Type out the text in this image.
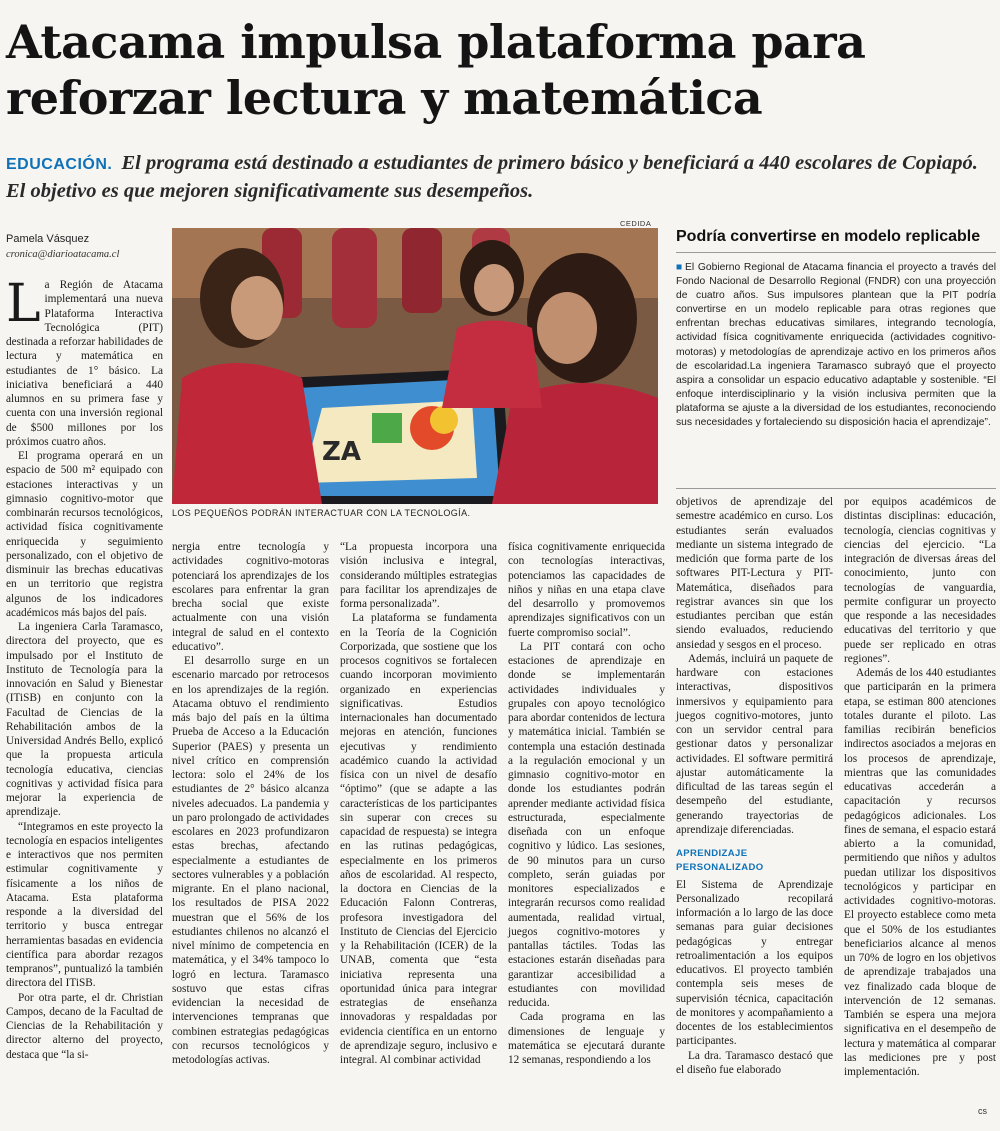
Atacama impulsa plataforma para reforzar lectura y matemática
EDUCACIÓN. El programa está destinado a estudiantes de primero básico y beneficiará a 440 escolares de Copiapó. El objetivo es que mejoren significativamente sus desempeños.
Pamela Vásquez
cronica@diarioatacama.cl
CEDIDA
ZA
LOS PEQUEÑOS PODRÁN INTERACTUAR CON LA TECNOLOGÍA.
Podría convertirse en modelo replicable
■ El Gobierno Regional de Atacama financia el proyecto a través del Fondo Nacional de Desarrollo Regional (FNDR) con una proyección de cuatro años. Sus impulsores plantean que la PIT podría convertirse en un modelo replicable para otras regiones que enfrentan brechas educativas similares, integrando tecnología, actividad física cognitivamente enriquecida (actividades cognitivo-motoras) y metodologías de aprendizaje activo en los primeros años de escolaridad.La ingeniera Taramasco subrayó que el proyecto aspira a consolidar un espacio educativo adaptable y sostenible. “El enfoque interdisciplinario y la visión inclusiva permiten que la plataforma se ajuste a la diversidad de los estudiantes, reconociendo sus necesidades y fortaleciendo su disposición hacia el aprendizaje”.

La Región de Atacama implementará una nueva Plataforma Interactiva Tecnológica (PIT) destinada a reforzar habilidades de lectura y matemática en estudiantes de 1° básico. La iniciativa beneficiará a 440 alumnos en su primera fase y cuenta con una inversión regional de $500 millones por los próximos cuatro años.

El programa operará en un espacio de 500 m² equipado con estaciones interactivas y un gimnasio cognitivo-motor que combinarán recursos tecnológicos, actividad física cognitivamente enriquecida y seguimiento personalizado, con el objetivo de disminuir las brechas educativas en un territorio que registra algunos de los indicadores académicos más bajos del país.

La ingeniera Carla Taramasco, directora del proyecto, que es impulsado por el Instituto de Instituto de Tecnología para la innovación en Salud y Bienestar (ITiSB) en conjunto con la Facultad de Ciencias de la Rehabilitación ambos de la Universidad Andrés Bello, explicó que la propuesta articula tecnología educativa, ciencias cognitivas y actividad física para mejorar la experiencia de aprendizaje.

“Integramos en este proyecto la tecnología en espacios inteligentes e interactivos que nos permiten estimular cognitivamente y físicamente a los niños de Atacama. Esta plataforma responde a la diversidad del territorio y busca entregar herramientas basadas en evidencia científica para abordar rezagos tempranos”, puntualizó la también directora del ITiSB.

Por otra parte, el dr. Christian Campos, decano de la Facultad de Ciencias de la Rehabilitación y director alterno del proyecto, destaca que “la si-

nergia entre tecnología y actividades cognitivo-motoras potenciará los aprendizajes de los escolares para enfrentar la gran brecha social que existe actualmente con una visión integral de salud en el contexto educativo”.

El desarrollo surge en un escenario marcado por retrocesos en los aprendizajes de la región. Atacama obtuvo el rendimiento más bajo del país en la última Prueba de Acceso a la Educación Superior (PAES) y presenta un nivel crítico en comprensión lectora: solo el 24% de los estudiantes de 2° básico alcanza niveles adecuados. La pandemia y un paro prolongado de actividades escolares en 2023 profundizaron estas brechas, afectando especialmente a estudiantes de sectores vulnerables y a población migrante. En el plano nacional, los resultados de PISA 2022 muestran que el 56% de los estudiantes chilenos no alcanzó el nivel mínimo de competencia en matemática, y el 34% tampoco lo logró en lectura. Taramasco sostuvo que estas cifras evidencian la necesidad de intervenciones tempranas que combinen estrategias pedagógicas con recursos tecnológicos y metodologías activas.

“La propuesta incorpora una visión inclusiva e integral, considerando múltiples estrategias para facilitar los aprendizajes de forma personalizada”.

La plataforma se fundamenta en la Teoría de la Cognición Corporizada, que sostiene que los procesos cognitivos se fortalecen cuando incorporan movimiento organizado en experiencias significativas. Estudios internacionales han documentado mejoras en atención, funciones ejecutivas y rendimiento académico cuando la actividad física con un nivel de desafío “óptimo” (que se adapte a las características de los participantes sin superar con creces su capacidad de respuesta) se integra en las rutinas pedagógicas, especialmente en los primeros años de escolaridad. Al respecto, la doctora en Ciencias de la Educación Falonn Contreras, profesora investigadora del Instituto de Ciencias del Ejercicio y la Rehabilitación (ICER) de la UNAB, comenta que “esta iniciativa representa una oportunidad única para integrar estrategias de enseñanza innovadoras y respaldadas por evidencia científica en un entorno de aprendizaje seguro, inclusivo e integral. Al combinar actividad

física cognitivamente enriquecida con tecnologías interactivas, potenciamos las capacidades de niños y niñas en una etapa clave del desarrollo y promovemos aprendizajes significativos con un fuerte compromiso social”.

La PIT contará con ocho estaciones de aprendizaje en donde se implementarán actividades individuales y grupales con apoyo tecnológico para abordar contenidos de lectura y matemática inicial. También se contempla una estación destinada a la regulación emocional y un gimnasio cognitivo-motor en donde los estudiantes podrán aprender mediante actividad física estructurada, especialmente diseñada con un enfoque cognitivo y lúdico. Las sesiones, de 90 minutos para un curso completo, serán guiadas por monitores especializados e integrarán recursos como realidad aumentada, realidad virtual, juegos cognitivo-motores y pantallas táctiles. Todas las estaciones estarán diseñadas para garantizar accesibilidad a estudiantes con movilidad reducida.

Cada programa en las dimensiones de lenguaje y matemática se ejecutará durante 12 semanas, respondiendo a los

objetivos de aprendizaje del semestre académico en curso. Los estudiantes serán evaluados mediante un sistema integrado de medición que forma parte de los softwares PIT-Lectura y PIT-Matemática, diseñados para registrar avances sin que los estudiantes perciban que están siendo evaluados, reduciendo ansiedad y sesgos en el proceso.

Además, incluirá un paquete de hardware con estaciones interactivas, dispositivos inmersivos y equipamiento para juegos cognitivo-motores, junto con un servidor central para gestionar datos y personalizar actividades. El software permitirá ajustar automáticamente la dificultad de las tareas según el desempeño del estudiante, generando trayectorias de aprendizaje diferenciadas.

APRENDIZAJE PERSONALIZADO

El Sistema de Aprendizaje Personalizado recopilará información a lo largo de las doce semanas para guiar decisiones pedagógicas y entregar retroalimentación a los equipos educativos. El proyecto también contempla seis meses de supervisión técnica, capacitación de monitores y acompañamiento a docentes de los establecimientos participantes.

La dra. Taramasco destacó que el diseño fue elaborado

por equipos académicos de distintas disciplinas: educación, tecnología, ciencias cognitivas y ciencias del ejercicio. “La integración de diversas áreas del conocimiento, junto con tecnologías de vanguardia, permite configurar un proyecto que responde a las necesidades educativas del territorio y que puede ser replicado en otras regiones”.

Además de los 440 estudiantes que participarán en la primera etapa, se estiman 800 atenciones totales durante el piloto. Las familias recibirán beneficios indirectos asociados a mejoras en los procesos de aprendizaje, mientras que las comunidades educativas accederán a capacitación y recursos pedagógicos adicionales. Los fines de semana, el espacio estará abierto a la comunidad, permitiendo que niños y adultos puedan utilizar los dispositivos tecnológicos y participar en actividades cognitivo-motoras. El proyecto establece como meta que el 50% de los estudiantes beneficiarios alcance al menos un 70% de logro en los objetivos de aprendizaje trabajados una vez finalizado cada bloque de intervención de 12 semanas. También se espera una mejora significativa en el desempeño de lectura y matemática al comparar las mediciones pre y post implementación.

cs
